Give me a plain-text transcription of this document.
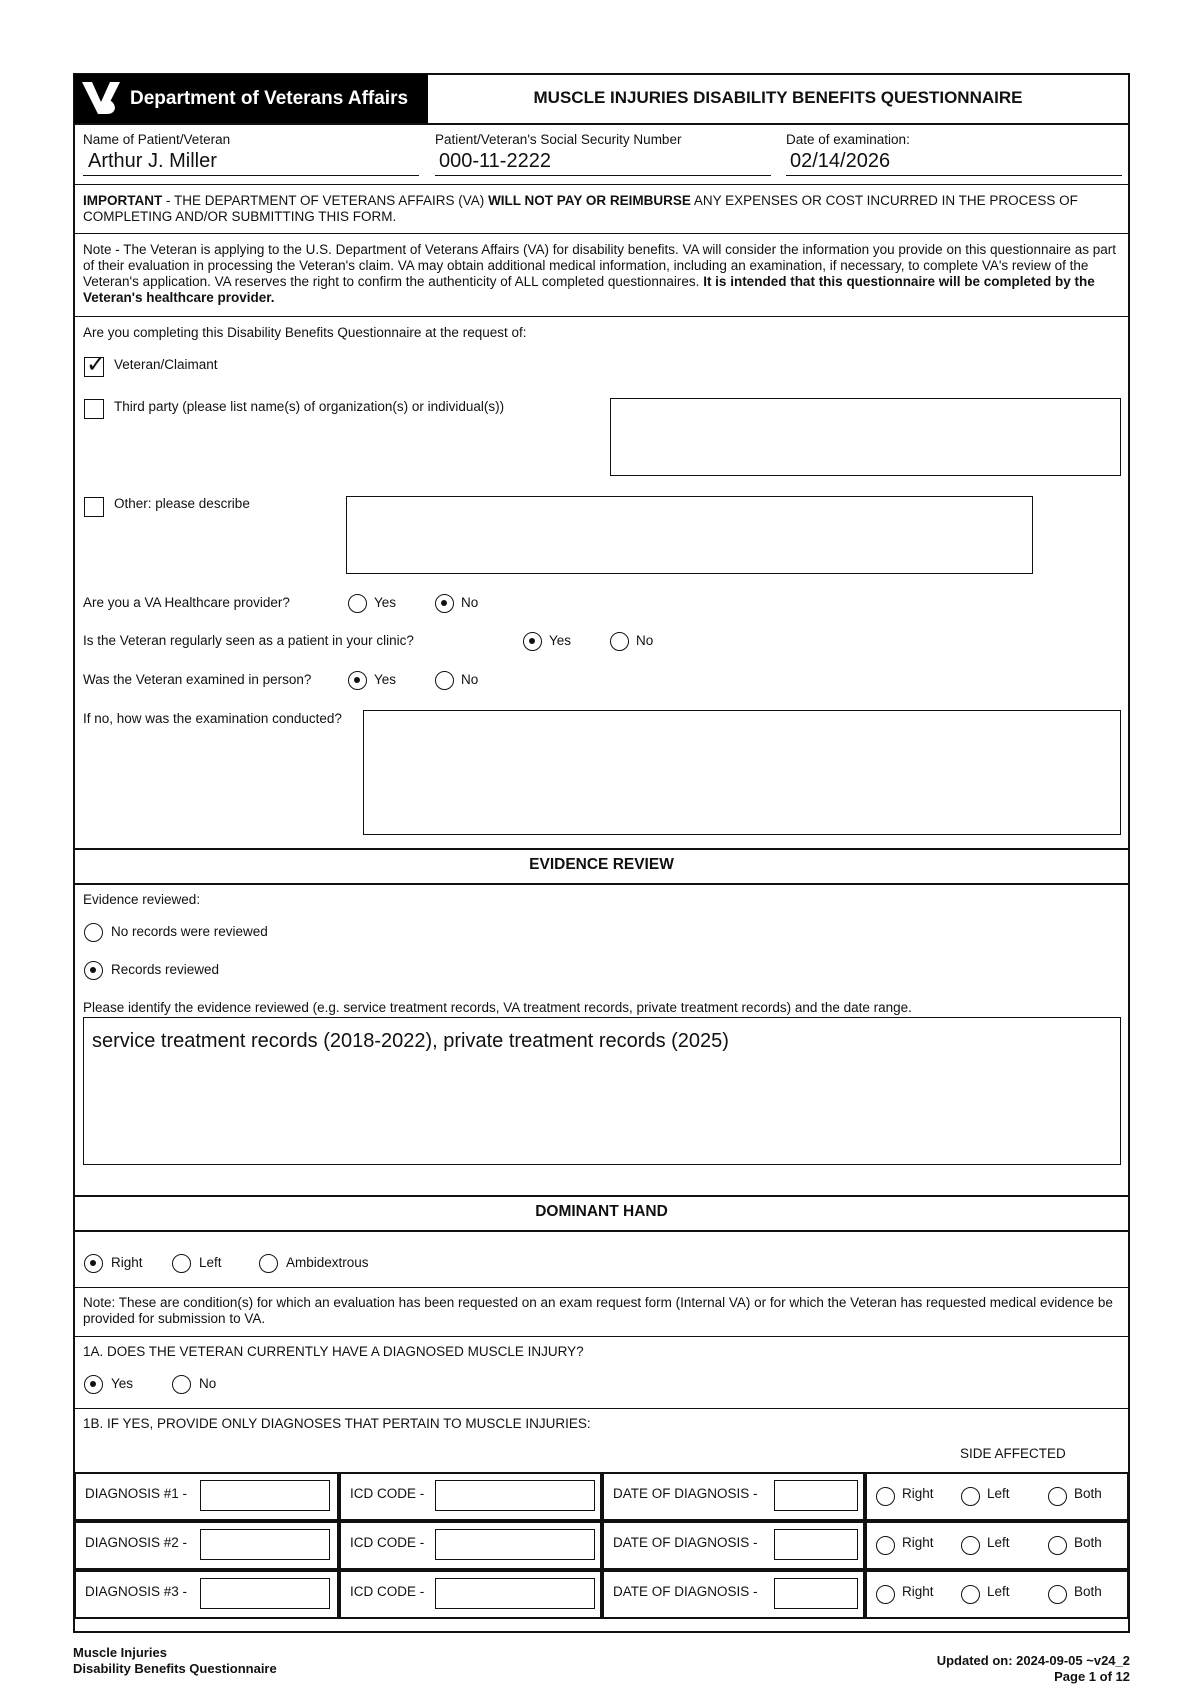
Department of Veterans Affairs	MUSCLE INJURIES DISABILITY BENEFITS QUESTIONNAIRE
Name of Patient/Veteran
Arthur J. Miller
Patient/Veteran's Social Security Number
000-11-2222
Date of examination:
02/14/2026
IMPORTANT - THE DEPARTMENT OF VETERANS AFFAIRS (VA) WILL NOT PAY OR REIMBURSE ANY EXPENSES OR COST INCURRED IN THE PROCESS OF COMPLETING AND/OR SUBMITTING THIS FORM.
Note - The Veteran is applying to the U.S. Department of Veterans Affairs (VA) for disability benefits. VA will consider the information you provide on this questionnaire as part of their evaluation in processing the Veteran's claim. VA may obtain additional medical information, including an examination, if necessary, to complete VA's review of the Veteran's application. VA reserves the right to confirm the authenticity of ALL completed questionnaires. It is intended that this questionnaire will be completed by the Veteran's healthcare provider.
Are you completing this Disability Benefits Questionnaire at the request of:
✓ Veteran/Claimant
Third party (please list name(s) of organization(s) or individual(s))
Other: please describe
Are you a VA Healthcare provider?	Yes	No
Is the Veteran regularly seen as a patient in your clinic?	Yes	No
Was the Veteran examined in person?	Yes	No
If no, how was the examination conducted?
EVIDENCE REVIEW
Evidence reviewed:
No records were reviewed
Records reviewed
Please identify the evidence reviewed (e.g. service treatment records, VA treatment records, private treatment records) and the date range.
service treatment records (2018-2022), private treatment records (2025)
DOMINANT HAND
Right	Left	Ambidextrous
Note: These are condition(s) for which an evaluation has been requested on an exam request form (Internal VA) or for which the Veteran has requested medical evidence be provided for submission to VA.
1A. DOES THE VETERAN CURRENTLY HAVE A DIAGNOSED MUSCLE INJURY?
Yes	No
1B. IF YES, PROVIDE ONLY DIAGNOSES THAT PERTAIN TO MUSCLE INJURIES:
SIDE AFFECTED
DIAGNOSIS #1 -	ICD CODE -	DATE OF DIAGNOSIS -	Right	Left	Both
DIAGNOSIS #2 -	ICD CODE -	DATE OF DIAGNOSIS -	Right	Left	Both
DIAGNOSIS #3 -	ICD CODE -	DATE OF DIAGNOSIS -	Right	Left	Both
Muscle Injuries
Disability Benefits Questionnaire
Updated on: 2024-09-05 ~v24_2
Page 1 of 12
